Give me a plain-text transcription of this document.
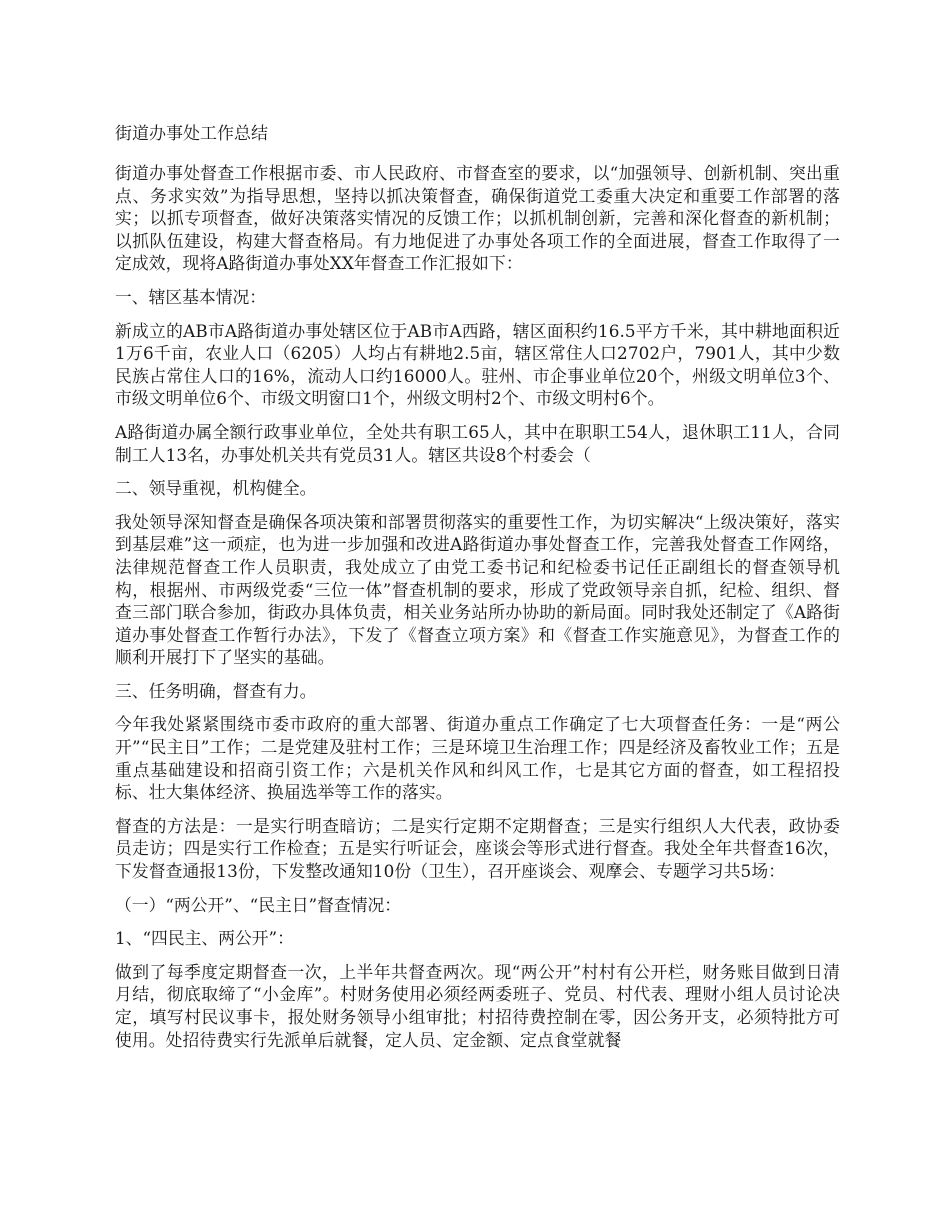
街道办事处工作总结

街道办事处督查工作根据市委、市人民政府、市督查室的要求，以“加强领导、创新机制、突出重点、务求实效”为指导思想，坚持以抓决策督查，确保街道党工委重大决定和重要工作部署的落实；以抓专项督查，做好决策落实情况的反馈工作；以抓机制创新，完善和深化督查的新机制；以抓队伍建设，构建大督查格局。有力地促进了办事处各项工作的全面进展，督查工作取得了一定成效，现将A路街道办事处XX年督查工作汇报如下：

一、辖区基本情况：

新成立的AB市A路街道办事处辖区位于AB市A西路，辖区面积约16.5平方千米，其中耕地面积近1万6千亩，农业人口（6205）人均占有耕地2.5亩，辖区常住人口2702户，7901人，其中少数民族占常住人口的16%，流动人口约16000人。驻州、市企事业单位20个，州级文明单位3个、市级文明单位6个、市级文明窗口1个，州级文明村2个、市级文明村6个。

A路街道办属全额行政事业单位，全处共有职工65人，其中在职职工54人，退休职工11人，合同制工人13名，办事处机关共有党员31人。辖区共设8个村委会（

二、领导重视，机构健全。

我处领导深知督查是确保各项决策和部署贯彻落实的重要性工作，为切实解决“上级决策好，落实到基层难”这一顽症，也为进一步加强和改进A路街道办事处督查工作，完善我处督查工作网络，法律规范督查工作人员职责，我处成立了由党工委书记和纪检委书记任正副组长的督查领导机构，根据州、市两级党委“三位一体”督查机制的要求，形成了党政领导亲自抓，纪检、组织、督查三部门联合参加，街政办具体负责，相关业务站所办协助的新局面。同时我处还制定了《A路街道办事处督查工作暂行办法》，下发了《督查立项方案》和《督查工作实施意见》，为督查工作的顺利开展打下了坚实的基础。

三、任务明确，督查有力。

今年我处紧紧围绕市委市政府的重大部署、街道办重点工作确定了七大项督查任务：一是“两公开”“民主日”工作；二是党建及驻村工作；三是环境卫生治理工作；四是经济及畜牧业工作；五是重点基础建设和招商引资工作；六是机关作风和纠风工作，七是其它方面的督查，如工程招投标、壮大集体经济、换届选举等工作的落实。

督查的方法是：一是实行明查暗访；二是实行定期不定期督查；三是实行组织人大代表，政协委员走访；四是实行工作检查；五是实行听证会，座谈会等形式进行督查。我处全年共督查16次，下发督查通报13份，下发整改通知10份（卫生），召开座谈会、观摩会、专题学习共5场：

（一）“两公开”、“民主日”督查情况：

1、“四民主、两公开”：

做到了每季度定期督查一次，上半年共督查两次。现“两公开”村村有公开栏，财务账目做到日清月结，彻底取缔了“小金库”。村财务使用必须经两委班子、党员、村代表、理财小组人员讨论决定，填写村民议事卡，报处财务领导小组审批；村招待费控制在零，因公务开支，必须特批方可使用。处招待费实行先派单后就餐，定人员、定金额、定点食堂就餐
